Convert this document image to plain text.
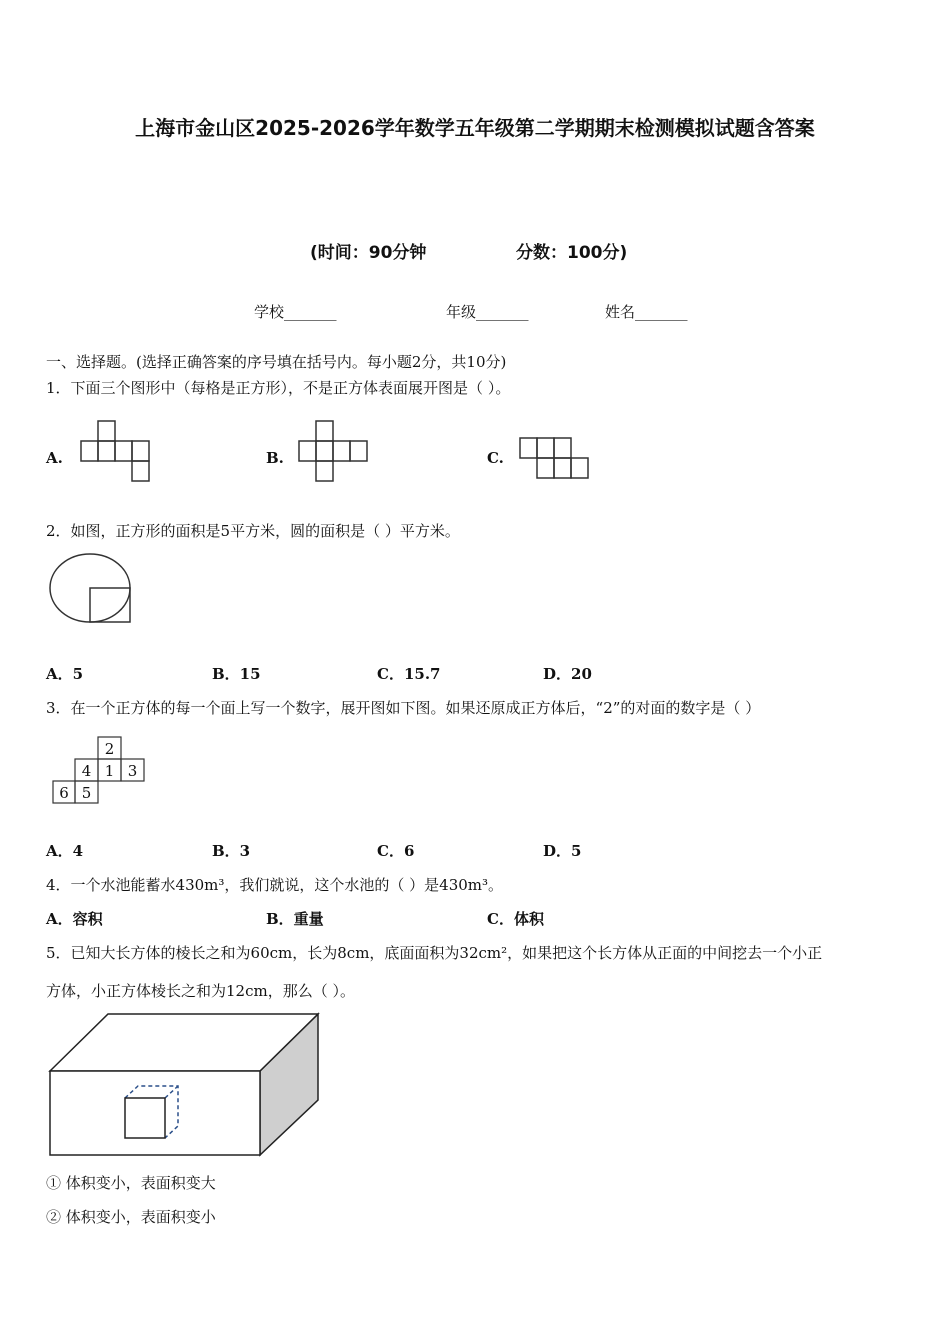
上海市金山区2025-2026学年数学五年级第二学期期末检测模拟试题含答案
(时间：90分钟	分数：100分)
学校_______	年级_______	姓名_______
一、选择题。(选择正确答案的序号填在括号内。每小题2分，共10分)
1．下面三个图形中（每格是正方形），不是正方体表面展开图是（ ）。
A.	B.	C.
2．如图，正方形的面积是5平方米，圆的面积是（ ）平方米。
A．5	B．15	C．15.7	D．20
3．在一个正方体的每一个面上写一个数字，展开图如下图。如果还原成正方体后，“2”的对面的数字是（ ）
2
4 1 3
6 5
A．4	B．3	C．6	D．5
4．一个水池能蓄水430m³，我们就说，这个水池的（ ）是430m³。
A．容积	B．重量	C．体积
5．已知大长方体的棱长之和为60cm，长为8cm，底面面积为32cm²，如果把这个长方体从正面的中间挖去一个小正
方体，小正方体棱长之和为12cm，那么（ ）。
① 体积变小，表面积变大
② 体积变小，表面积变小
